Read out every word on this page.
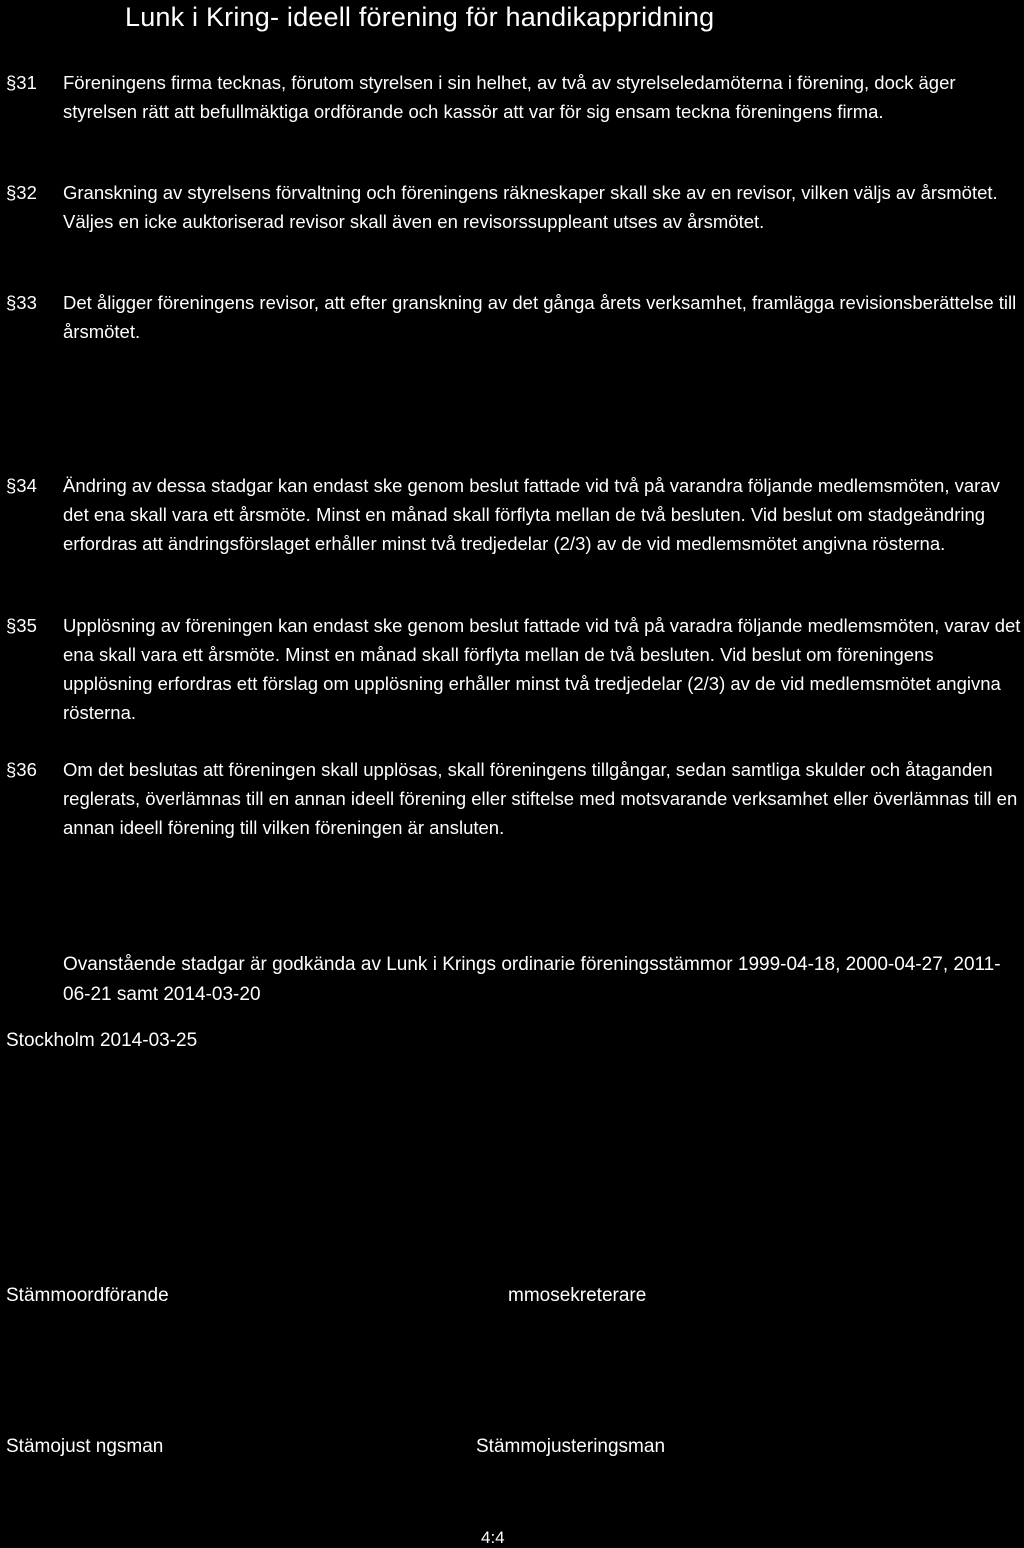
Lunk i Kring- ideell förening för handikappridning
§31	Föreningens firma tecknas, förutom styrelsen i sin helhet, av två av styrelseledamöterna i förening, dock äger styrelsen rätt att befullmäktiga ordförande och kassör att var för sig ensam teckna föreningens firma.
§32	Granskning av styrelsens förvaltning och föreningens räkneskaper skall ske av en revisor, vilken väljs av årsmötet. Väljes en icke auktoriserad revisor skall även en revisorssuppleant utses av årsmötet.
§33	Det åligger föreningens revisor, att efter granskning av det gånga årets verksamhet, framlägga revisionsberättelse till årsmötet.
§34	Ändring av dessa stadgar kan endast ske genom beslut fattade vid två på varandra följande medlemsmöten, varav det ena skall vara ett årsmöte. Minst en månad skall förflyta mellan de två besluten. Vid beslut om stadgeändring erfordras att ändringsförslaget erhåller minst två tredjedelar (2/3) av de vid medlemsmötet angivna rösterna.
§35	Upplösning av föreningen kan endast ske genom beslut fattade vid två på varadra följande medlemsmöten, varav det ena skall vara ett årsmöte. Minst en månad skall förflyta mellan de två besluten. Vid beslut om föreningens upplösning erfordras ett förslag om upplösning erhåller minst två tredjedelar (2/3) av de vid medlemsmötet angivna rösterna.
§36	Om det beslutas att föreningen skall upplösas, skall föreningens tillgångar, sedan samtliga skulder och åtaganden reglerats, överlämnas till en annan ideell förening eller stiftelse med motsvarande verksamhet eller överlämnas till en annan ideell förening till vilken föreningen är ansluten.
Ovanstående stadgar är godkända av Lunk i Krings ordinarie föreningsstämmor 1999-04-18, 2000-04-27, 2011-06-21 samt 2014-03-20
Stockholm 2014-03-25
Stämmoordförande	mmosekreterare
Stämojust ngsman	Stämmojusteringsman
4:4
